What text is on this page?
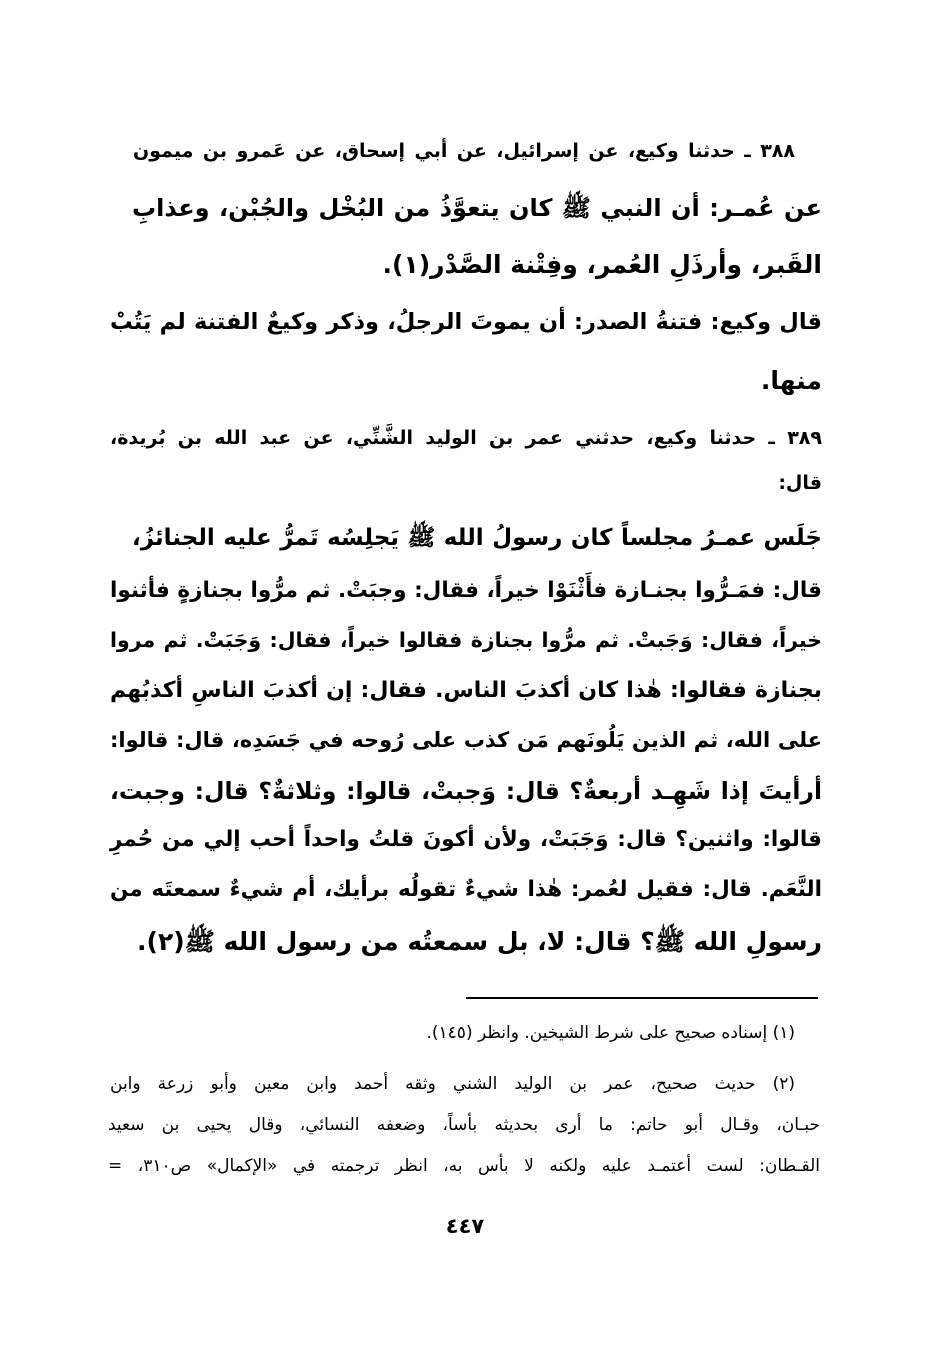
٣٨٨ ـ حدثنا وكيع، عن إسرائيل، عن أبي إسحاق، عن عَمرو بن ميمون
عن عُمـر: أن النبي ﷺ كان يتعوَّذُ من البُخْل والجُبْن، وعذابِ
القَبر، وأرذَلِ العُمر، وفِتْنة الصَّدْر(١).
قال وكيع: فتنةُ الصدر: أن يموتَ الرجلُ، وذكر وكيعٌ الفتنة لم يَتُبْ
منها.
٣٨٩ ـ حدثنا وكيع، حدثني عمر بن الوليد الشَّنِّي، عن عبد الله بن بُريدة،
قال:
جَلَس عمـرُ مجلساً كان رسولُ الله ﷺ يَجلِسُه تَمرُّ عليه الجنائزُ،
قال: فمَـرُّوا بجنـازة فأَثْنَوْا خيراً، فقال: وجبَتْ. ثم مرُّوا بجنازةٍ فأثنوا
خيراً، فقال: وَجَبتْ. ثم مرُّوا بجنازة فقالوا خيراً، فقال: وَجَبَتْ. ثم مروا
بجنازة فقالوا: هٰذا كان أكذبَ الناس. فقال: إن أكذبَ الناسِ أكذبُهم
على الله، ثم الذين يَلُونَهم مَن كذب على رُوحه في جَسَدِه، قال: قالوا:
أرأيتَ إذا شَهِـد أربعةٌ؟ قال: وَجبتْ، قالوا: وثلاثةٌ؟ قال: وجبت،
قالوا: واثنين؟ قال: وَجَبَتْ، ولأن أكونَ قلتُ واحداً أحب إلي من حُمرِ
النَّعَم. قال: فقيل لعُمر: هٰذا شيءٌ تقولُه برأيك، أم شيءٌ سمعتَه من
رسولِ الله ﷺ؟ قال: لا، بل سمعتُه من رسول الله ﷺ(٢).
(١) إسناده صحيح على شرط الشيخين. وانظر (١٤٥).
(٢) حديث صحيح، عمر بن الوليد الشني وثقه أحمد وابن معين وأبو زرعة وابن
حبـان، وقـال أبو حاتم: ما أرى بحديثه بأساً، وضعفه النسائي، وقال يحيى بن سعيد
القـطان: لست أعتمـد عليه ولكنه لا بأس به، انظر ترجمته في «الإكمال» ص٣١٠، =
٤٤٧
